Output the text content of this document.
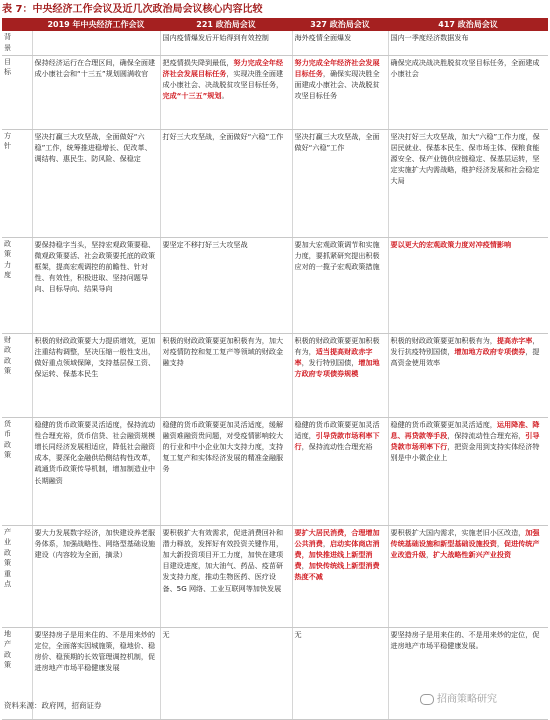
表 7：中央经济工作会议及近几次政治局会议核心内容比较
	2019 年中央经济工作会议	221 政治局会议	327 政治局会议	417 政治局会议

背景		国内疫情爆发后开始得到有效控制	海外疫情全面爆发	国内一季度经济数据发布

目标	保持经济运行在合理区间，确保全面建成小康社会和“十三五”规划圆满收官	把疫情损失降到最低，努力完成全年经济社会发展目标任务，实现决胜全面建成小康社会、决战脱贫攻坚目标任务，完成“十三五”规划。	努力完成全年经济社会发展目标任务，确保实现决胜全面建成小康社会、决战脱贫攻坚目标任务	确保完成决战决胜脱贫攻坚目标任务，全面建成小康社会

方针	坚决打赢三大攻坚战，全面做好“六稳”工作，统筹推进稳增长、促改革、调结构、惠民生、防风险、保稳定	打好三大攻坚战，全面做好“六稳”工作	坚决打赢三大攻坚战，全面做好“六稳”工作	坚决打好三大攻坚战，加大“六稳”工作力度，保居民就业、保基本民生、保市场主体、保粮食能源安全、保产业链供应链稳定、保基层运转，坚定实施扩大内需战略，维护经济发展和社会稳定大局

政策力度	要保持稳字当头，坚持宏观政策要稳、微观政策要活、社会政策要托底的政策框架，提高宏观调控的前瞻性、针对性、有效性，积极进取、坚持问题导向、目标导向、结果导向	要坚定不移打好三大攻坚战	要加大宏观政策调节和实施力度，要抓紧研究提出积极应对的一揽子宏观政策措施	要以更大的宏观政策力度对冲疫情影响

财政政策	积极的财政政策要大力提质增效，更加注重结构调整，坚决压缩一般性支出，做好重点领域保障，支持基层保工资、保运转、保基本民生	积极的财政政策要更加积极有为，加大对疫情防控和复工复产等领域的财政金融支持	积极的财政政策要更加积极有为，适当提高财政赤字率，发行特别国债，增加地方政府专项债券规模	积极的财政政策要更加积极有为，提高赤字率，发行抗疫特别国债，增加地方政府专项债券，提高资金使用效率

货币政策	稳健的货币政策要灵活适度，保持流动性合理充裕，货币信贷、社会融资规模增长同经济发展相适应，降低社会融资成本，要深化金融供给侧结构性改革，疏通货币政策传导机制，增加制造业中长期融资	稳健的货币政策要更加灵活适度，缓解融资难融资贵问题，对受疫情影响较大的行业和中小企业加大支持力度，支持复工复产和实体经济发展的精准金融服务	稳健的货币政策要更加灵活适度，引导贷款市场利率下行，保持流动性合理充裕	稳健的货币政策要更加灵活适度，运用降准、降息、再贷款等手段，保持流动性合理充裕，引导贷款市场利率下行，把资金用到支持实体经济特别是中小微企业上

产业政策重点	要大力发展数字经济，加快建设养老服务体系，加强战略性、网络型基础设施建设（内容较为全面，摘录）	要积极扩大有效需求，促进消费回补和潜力释放，发挥好有效投资关键作用，加大新投资项目开工力度，加快在建项目建设进度，加大油气、药品、疫苗研发支持力度，推动生物医药、医疗设备、5G 网络、工业互联网等加快发展	要扩大居民消费，合理增加公共消费，启动实体商店消费，加快推进线上新型消费，加快传统线上新型消费热度不减	要积极扩大国内需求，实施老旧小区改造，加强传统基础设施和新型基础设施投资，促进传统产业改造升级，扩大战略性新兴产业投资

地产政策	要坚持房子是用来住的、不是用来炒的定位，全面落实因城施策，稳地价、稳房价、稳预期的长效管理调控机制，促进房地产市场平稳健康发展	无	无	要坚持房子是用来住的、不是用来炒的定位，促进房地产市场平稳健康发展。
招商策略研究
资料来源：政府网，招商证券
